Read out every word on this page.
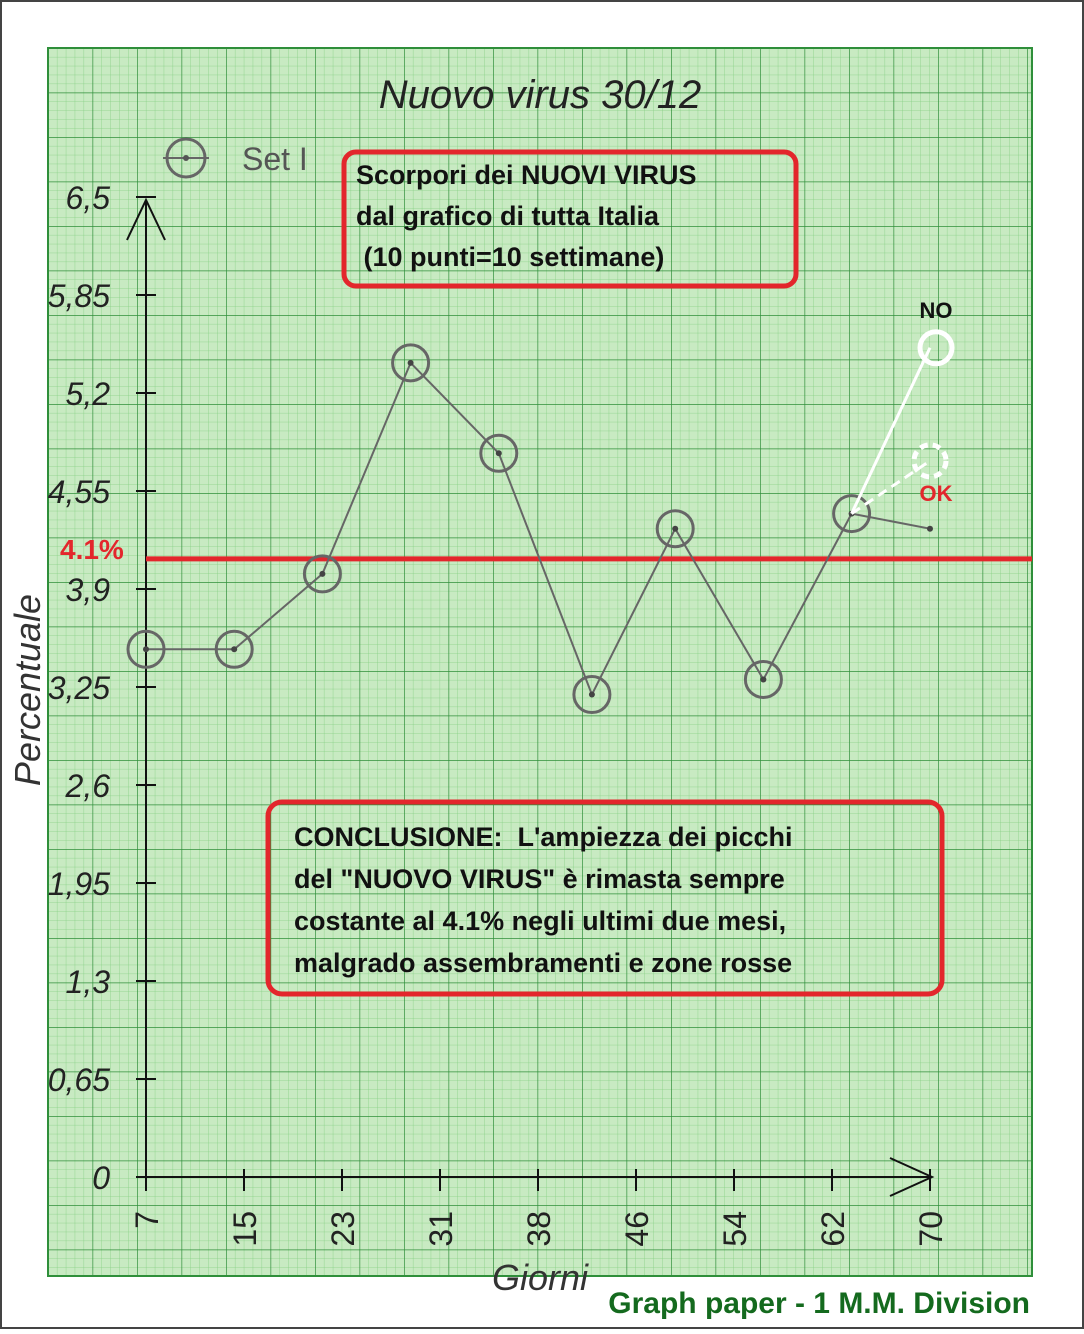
Nuovo virus 30/12
Set I
0
0,65
1,3
1,95
2,6
3,25
3,9
4,55
5,2
5,85
6,5
7 15 23 31 38 46 54 62 70
Percentuale
Giorni
4.1%
NO
OK
Scorpori dei NUOVI VIRUS
dal grafico di tutta Italia
(10 punti=10 settimane)
CONCLUSIONE:  L'ampiezza dei picchi
del "NUOVO VIRUS" è rimasta sempre
costante al 4.1% negli ultimi due mesi,
malgrado assembramenti e zone rosse
Graph paper - 1 M.M. Division
